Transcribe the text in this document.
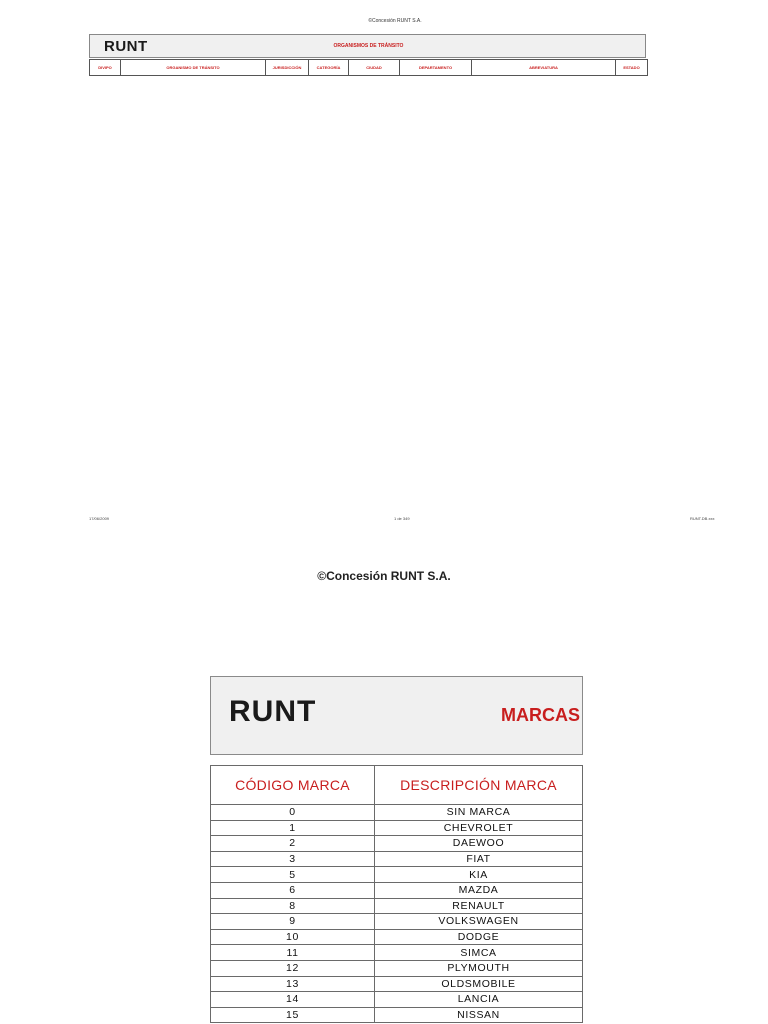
©Concesión RUNT S.A.
RUNT	ORGANISMOS DE TRÁNSITO
DIVIPO	ORGANISMO DE TRÁNSITO	JURISDICCIÓN	CATEGORÍA	CIUDAD	DEPARTAMENTO	ABREVIATURA	ESTADO
17/06/2009	1 de 349	RUNT.DB.xxx
©Concesión RUNT S.A.
RUNT	MARCAS
CÓDIGO MARCA	DESCRIPCIÓN MARCA
0	SIN MARCA
1	CHEVROLET
2	DAEWOO
3	FIAT
5	KIA
6	MAZDA
8	RENAULT
9	VOLKSWAGEN
10	DODGE
11	SIMCA
12	PLYMOUTH
13	OLDSMOBILE
14	LANCIA
15	NISSAN
